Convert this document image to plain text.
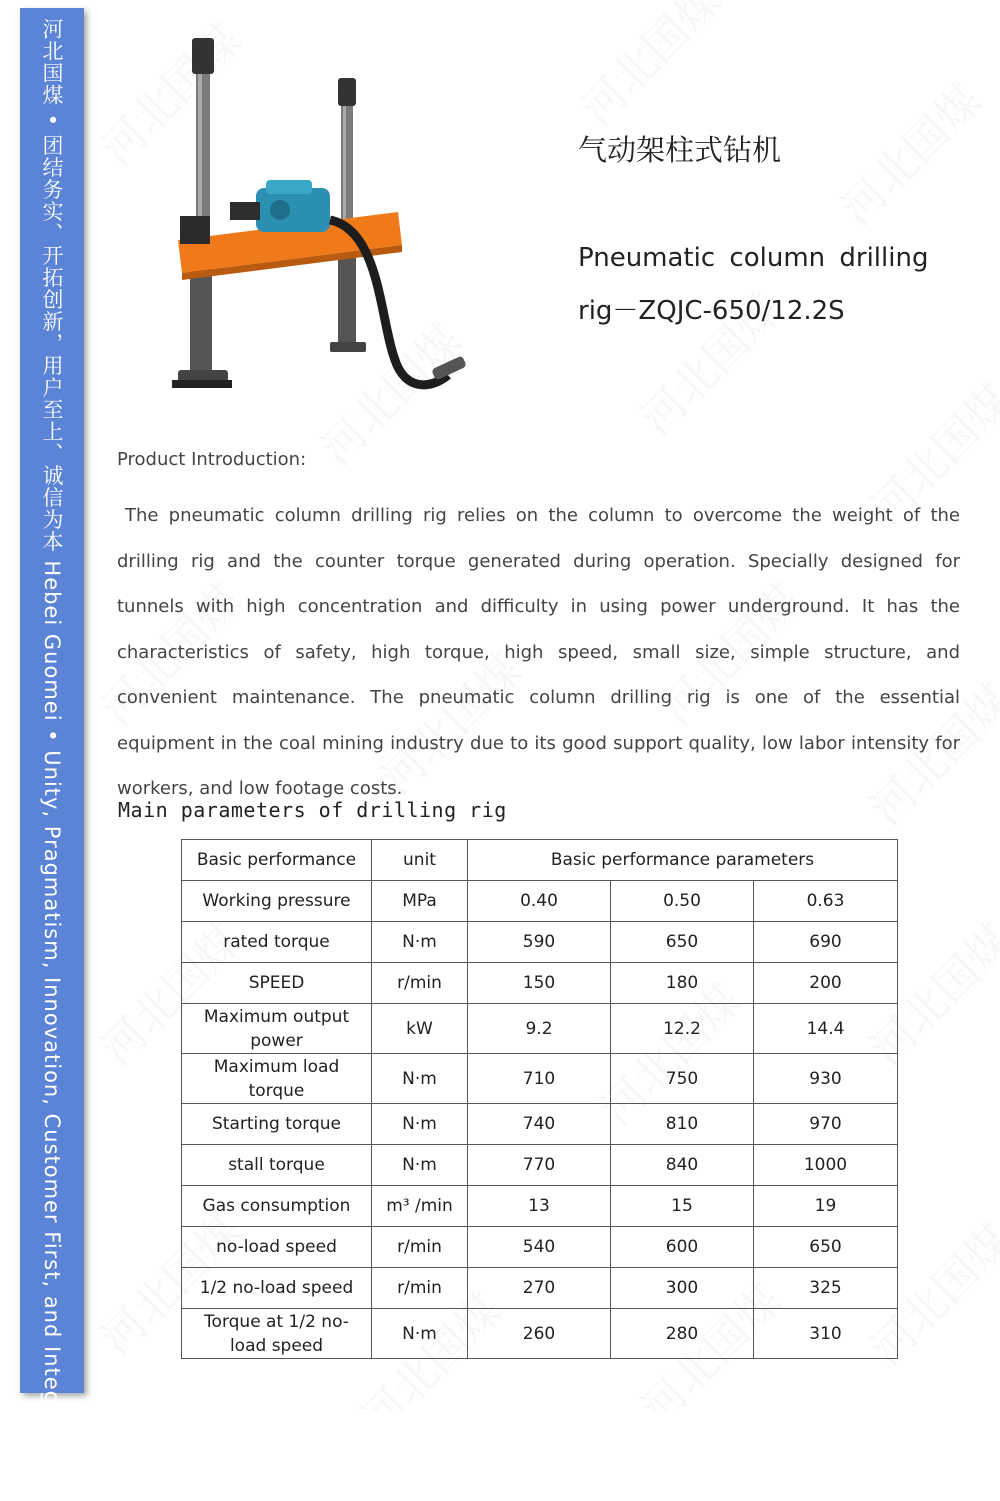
河北国煤 • 团结务实、开拓创新，用户至上、诚信为本 Hebei Guomei • Unity, Pragmatism, Innovation, Customer First, and Integrity First	气动架柱式钻机
Pneumatic column drilling rig－ZQJC-650/12.2S
Product Introduction:
The pneumatic column drilling rig relies on the column to overcome the weight of the drilling rig and the counter torque generated during operation. Specially designed for tunnels with high concentration and difficulty in using power underground. It has the characteristics of safety, high torque, high speed, small size, simple structure, and convenient maintenance. The pneumatic column drilling rig is one of the essential equipment in the coal mining industry due to its good support quality, low labor intensity for workers, and low footage costs.
Main parameters of drilling rig
Basic performance	unit	Basic performance parameters		
Working pressure	MPa	0.40	0.50	0.63
rated torque	N·m	590	650	690
SPEED	r/min	150	180	200
Maximum output power	kW	9.2	12.2	14.4
Maximum load torque	N·m	710	750	930
Starting torque	N·m	740	810	970
stall torque	N·m	770	840	1000
Gas consumption	m³ /min	13	15	19
no-load speed	r/min	540	600	650
1/2 no-load speed	r/min	270	300	325
Torque at 1/2 no-load speed	N·m	260	280	310
